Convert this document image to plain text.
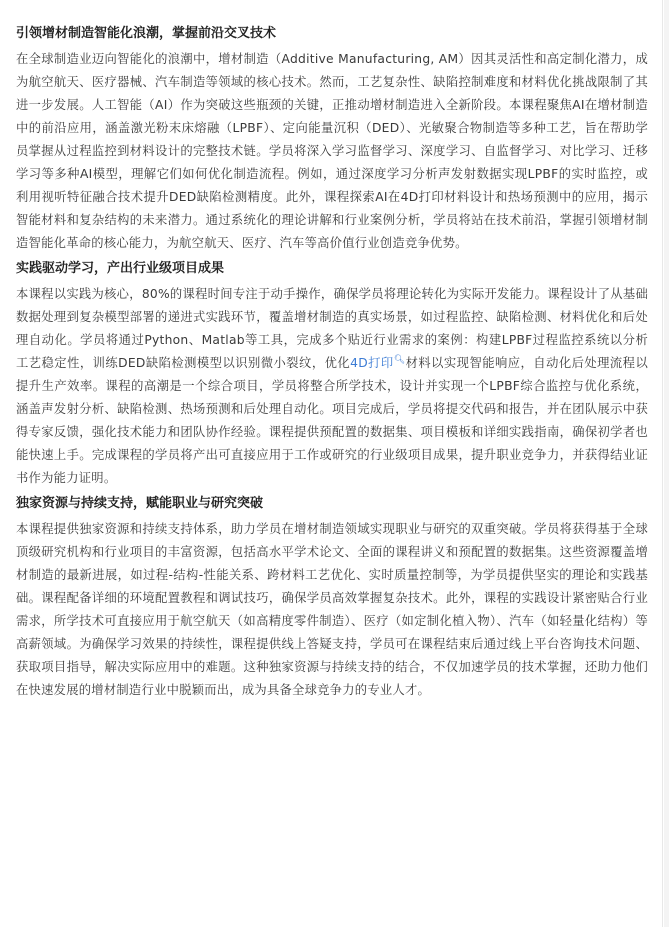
引领增材制造智能化浪潮，掌握前沿交叉技术

在全球制造业迈向智能化的浪潮中，增材制造（Additive Manufacturing, AM）因其灵活性和高定制化潜力，成为航空航天、医疗器械、汽车制造等领域的核心技术。然而，工艺复杂性、缺陷控制难度和材料优化挑战限制了其进一步发展。人工智能（AI）作为突破这些瓶颈的关键，正推动增材制造进入全新阶段。本课程聚焦AI在增材制造中的前沿应用，涵盖激光粉末床熔融（LPBF）、定向能量沉积（DED）、光敏聚合物制造等多种工艺，旨在帮助学员掌握从过程监控到材料设计的完整技术链。学员将深入学习监督学习、深度学习、自监督学习、对比学习、迁移学习等多种AI模型，理解它们如何优化制造流程。例如，通过深度学习分析声发射数据实现LPBF的实时监控，或利用视听特征融合技术提升DED缺陷检测精度。此外，课程探索AI在4D打印材料设计和热场预测中的应用，揭示智能材料和复杂结构的未来潜力。通过系统化的理论讲解和行业案例分析，学员将站在技术前沿，掌握引领增材制造智能化革命的核心能力，为航空航天、医疗、汽车等高价值行业创造竞争优势。

实践驱动学习，产出行业级项目成果

本课程以实践为核心，80%的课程时间专注于动手操作，确保学员将理论转化为实际开发能力。课程设计了从基础数据处理到复杂模型部署的递进式实践环节，覆盖增材制造的真实场景，如过程监控、缺陷检测、材料优化和后处理自动化。学员将通过Python、Matlab等工具，完成多个贴近行业需求的案例：构建LPBF过程监控系统以分析工艺稳定性，训练DED缺陷检测模型以识别微小裂纹，优化4D打印🔍︎材料以实现智能响应，自动化后处理流程以提升生产效率。课程的高潮是一个综合项目，学员将整合所学技术，设计并实现一个LPBF综合监控与优化系统，涵盖声发射分析、缺陷检测、热场预测和后处理自动化。项目完成后，学员将提交代码和报告，并在团队展示中获得专家反馈，强化技术能力和团队协作经验。课程提供预配置的数据集、项目模板和详细实践指南，确保初学者也能快速上手。完成课程的学员将产出可直接应用于工作或研究的行业级项目成果，提升职业竞争力，并获得结业证书作为能力证明。

独家资源与持续支持，赋能职业与研究突破

本课程提供独家资源和持续支持体系，助力学员在增材制造领域实现职业与研究的双重突破。学员将获得基于全球顶级研究机构和行业项目的丰富资源，包括高水平学术论文、全面的课程讲义和预配置的数据集。这些资源覆盖增材制造的最新进展，如过程-结构-性能关系、跨材料工艺优化、实时质量控制等，为学员提供坚实的理论和实践基础。课程配备详细的环境配置教程和调试技巧，确保学员高效掌握复杂技术。此外，课程的实践设计紧密贴合行业需求，所学技术可直接应用于航空航天（如高精度零件制造）、医疗（如定制化植入物）、汽车（如轻量化结构）等高薪领域。为确保学习效果的持续性，课程提供线上答疑支持，学员可在课程结束后通过线上平台咨询技术问题、获取项目指导，解决实际应用中的难题。这种独家资源与持续支持的结合，不仅加速学员的技术掌握，还助力他们在快速发展的增材制造行业中脱颖而出，成为具备全球竞争力的专业人才。
